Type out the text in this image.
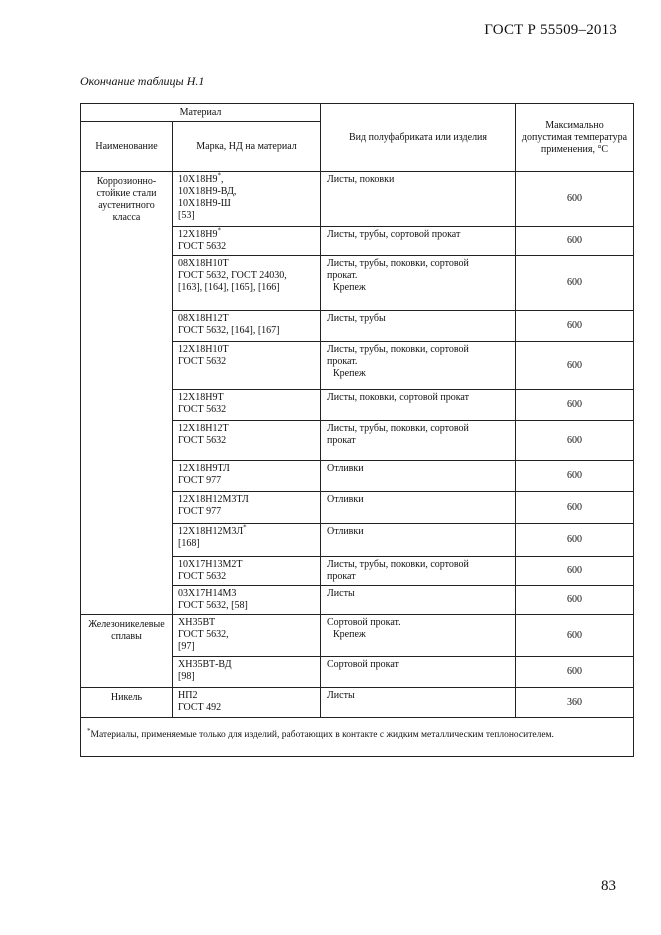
ГОСТ Р 55509–2013
Окончание таблицы Н.1
Материал		Вид полуфабриката или изделия	Максимально допустимая температура применения, °С
Наименование	Марка, НД на материал		
Коррозионно-стойкие стали аустенитного класса	10Х18Н9*,
10Х18Н9-ВД,
10Х18Н9-Ш
[53]	Листы, поковки	600

	12Х18Н9*
ГОСТ 5632	Листы, трубы, сортовой прокат	600

	08Х18Н10Т
ГОСТ 5632, ГОСТ 24030,
[163], [164], [165], [166]	Листы, трубы, поковки, сортовой
прокат.
Крепеж	600

	08Х18Н12Т
ГОСТ 5632, [164], [167]	Листы, трубы	600

	12Х18Н10Т
ГОСТ 5632	Листы, трубы, поковки, сортовой
прокат.
Крепеж	600

	12Х18Н9Т
ГОСТ 5632	Листы, поковки, сортовой прокат	600

	12Х18Н12Т
ГОСТ 5632	Листы, трубы, поковки, сортовой
прокат	600

	12Х18Н9ТЛ
ГОСТ 977	Отливки	600

	12Х18Н12М3ТЛ
ГОСТ 977	Отливки	600

	12Х18Н12М3Л*
[168]	Отливки	600

	10Х17Н13М2Т
ГОСТ 5632	Листы, трубы, поковки, сортовой
прокат	600

	03Х17Н14М3
ГОСТ 5632, [58]	Листы	600
Железоникелевые сплавы	ХН35ВТ
ГОСТ 5632,
[97]	Сортовой прокат.
Крепеж	600

	ХН35ВТ-ВД
[98]	Сортовой прокат	600
Никель	НП2
ГОСТ 492	Листы	360
*Материалы, применяемые только для изделий, работающих в контакте с жидким металлическим теплоносителем.			
83
